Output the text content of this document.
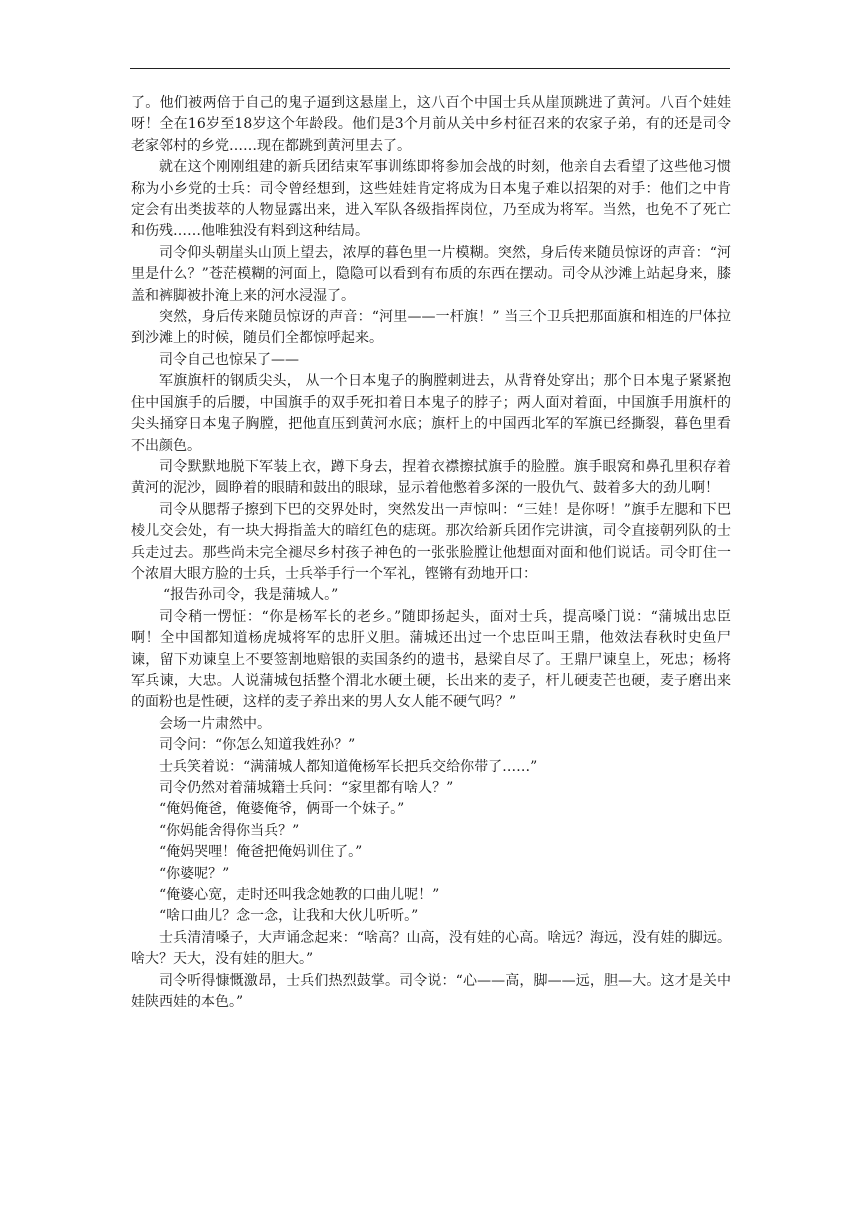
了。他们被两倍于自己的鬼子逼到这悬崖上，这八百个中国士兵从崖顶跳进了黄河。八百个娃娃呀！全在16岁至18岁这个年龄段。他们是3个月前从关中乡村征召来的农家子弟，有的还是司令老家邻村的乡党……现在都跳到黄河里去了。

就在这个刚刚组建的新兵团结束军事训练即将参加会战的时刻，他亲自去看望了这些他习惯称为小乡党的士兵：司令曾经想到，这些娃娃肯定将成为日本鬼子难以招架的对手：他们之中肯定会有出类拔萃的人物显露出来，进入军队各级指挥岗位，乃至成为将军。当然，也免不了死亡和伤残……他唯独没有料到这种结局。

司令仰头朝崖头山顶上望去，浓厚的暮色里一片模糊。突然，身后传来随员惊讶的声音：“河里是什么？”苍茫模糊的河面上，隐隐可以看到有布质的东西在摆动。司令从沙滩上站起身来，膝盖和裤脚被扑淹上来的河水浸湿了。

突然，身后传来随员惊讶的声音：“河里——一杆旗！” 当三个卫兵把那面旗和相连的尸体拉到沙滩上的时候，随员们全都惊呼起来。

司令自己也惊呆了——

军旗旗杆的钢质尖头， 从一个日本鬼子的胸膛刺进去，从背脊处穿出；那个日本鬼子紧紧抱住中国旗手的后腰，中国旗手的双手死扣着日本鬼子的脖子；两人面对着面，中国旗手用旗杆的尖头捅穿日本鬼子胸膛，把他直压到黄河水底；旗杆上的中国西北军的军旗已经撕裂，暮色里看不出颜色。

司令默默地脱下军装上衣，蹲下身去，捏着衣襟擦拭旗手的脸膛。旗手眼窝和鼻孔里积存着黄河的泥沙，圆睁着的眼睛和鼓出的眼球，显示着他憋着多深的一股仇气、鼓着多大的劲儿啊！

司令从腮帮子擦到下巴的交界处时，突然发出一声惊叫：“三娃！是你呀！”旗手左腮和下巴棱儿交会处，有一块大拇指盖大的暗红色的痣斑。那次给新兵团作完讲演，司令直接朝列队的士兵走过去。那些尚未完全褪尽乡村孩子神色的一张张脸膛让他想面对面和他们说话。司令盯住一个浓眉大眼方脸的士兵，士兵举手行一个军礼，铿锵有劲地开口：

“报告孙司令，我是蒲城人。”

司令稍一愣怔：“你是杨军长的老乡。”随即扬起头，面对士兵，提高嗓门说：“蒲城出忠臣啊！全中国都知道杨虎城将军的忠肝义胆。蒲城还出过一个忠臣叫王鼎，他效法春秋时史鱼尸谏，留下劝谏皇上不要签割地赔银的卖国条约的遗书，悬梁自尽了。王鼎尸谏皇上，死忠；杨将军兵谏，大忠。人说蒲城包括整个渭北水硬土硬，长出来的麦子，杆儿硬麦芒也硬，麦子磨出来的面粉也是性硬，这样的麦子养出来的男人女人能不硬气吗？”

会场一片肃然中。

司令问：“你怎么知道我姓孙？”

士兵笑着说：“满蒲城人都知道俺杨军长把兵交给你带了……”

司令仍然对着蒲城籍士兵问：“家里都有啥人？”

“俺妈俺爸，俺婆俺爷，俩哥一个妹子。”

“你妈能舍得你当兵？”

“俺妈哭哩！俺爸把俺妈训住了。”

“你婆呢？”

“俺婆心宽，走时还叫我念她教的口曲儿呢！”

“啥口曲儿？念一念，让我和大伙儿听听。”

士兵清清嗓子，大声诵念起来：“啥高？山高，没有娃的心高。啥远？海远，没有娃的脚远。啥大？天大，没有娃的胆大。”

司令听得慷慨激昂，士兵们热烈鼓掌。司令说：“心——高，脚——远，胆—大。这才是关中娃陕西娃的本色。”
